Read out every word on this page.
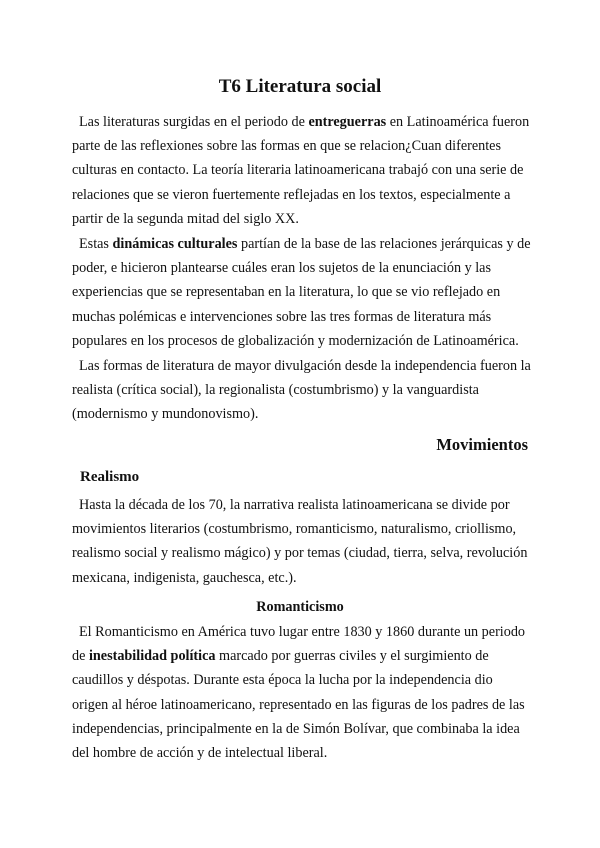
T6 Literatura social

Las literaturas surgidas en el periodo de entreguerras en Latinoamérica fueron parte de las reflexiones sobre las formas en que se relacion¿Cuan diferentes culturas en contacto. La teoría literaria latinoamericana trabajó con una serie de relaciones que se vieron fuertemente reflejadas en los textos, especialmente a partir de la segunda mitad del siglo XX.

Estas dinámicas culturales partían de la base de las relaciones jerárquicas y de poder, e hicieron plantearse cuáles eran los sujetos de la enunciación y las experiencias que se representaban en la literatura, lo que se vio reflejado en muchas polémicas e intervenciones sobre las tres formas de literatura más populares en los procesos de globalización y modernización de Latinoamérica.

Las formas de literatura de mayor divulgación desde la independencia fueron la realista (crítica social), la regionalista (costumbrismo) y la vanguardista (modernismo y mundonovismo).

Movimientos
Realismo

Hasta la década de los 70, la narrativa realista latinoamericana se divide por movimientos literarios (costumbrismo, romanticismo, naturalismo, criollismo, realismo social y realismo mágico) y por temas (ciudad, tierra, selva, revolución mexicana, indigenista, gauchesca, etc.).

Romanticismo

El Romanticismo en América tuvo lugar entre 1830 y 1860 durante un periodo de inestabilidad política marcado por guerras civiles y el surgimiento de caudillos y déspotas. Durante esta época la lucha por la independencia dio origen al héroe latinoamericano, representado en las figuras de los padres de las independencias, principalmente en la de Simón Bolívar, que combinaba la idea del hombre de acción y de intelectual liberal.
